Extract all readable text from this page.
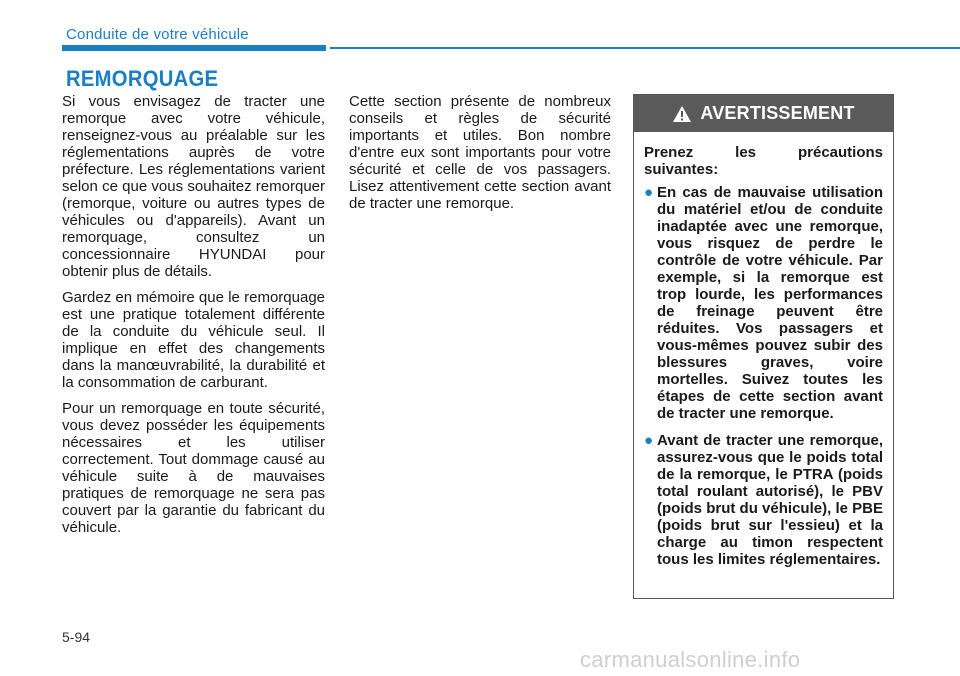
Conduite de votre véhicule
REMORQUAGE

Si vous envisagez de tracter une remorque avec votre véhicule, renseignez-vous au préalable sur les réglementations auprès de votre préfecture. Les réglementations varient selon ce que vous souhaitez remorquer (remorque, voiture ou autres types de véhicules ou d'appareils). Avant un remorquage, consultez un concessionnaire HYUNDAI pour obtenir plus de détails.

Gardez en mémoire que le remorquage est une pratique totalement différente de la conduite du véhicule seul. Il implique en effet des changements dans la manœuvrabilité, la durabilité et la consommation de carburant.

Pour un remorquage en toute sécurité, vous devez posséder les équipements nécessaires et les utiliser correctement. Tout dommage causé au véhicule suite à de mauvaises pratiques de remorquage ne sera pas couvert par la garantie du fabricant du véhicule.

Cette section présente de nombreux conseils et règles de sécurité importants et utiles. Bon nombre d'entre eux sont importants pour votre sécurité et celle de vos passagers. Lisez attentivement cette section avant de tracter une remorque.

AVERTISSEMENT

Prenez les précautions suivantes:

● En cas de mauvaise utilisation du matériel et/ou de conduite inadaptée avec une remorque, vous risquez de perdre le contrôle de votre véhicule. Par exemple, si la remorque est trop lourde, les performances de freinage peuvent être réduites. Vos passagers et vous-mêmes pouvez subir des blessures graves, voire mortelles. Suivez toutes les étapes de cette section avant de tracter une remorque.
● Avant de tracter une remorque, assurez-vous que le poids total de la remorque, le PTRA (poids total roulant autorisé), le PBV (poids brut du véhicule), le PBE (poids brut sur l'essieu) et la charge au timon respectent tous les limites réglementaires.
5-94
carmanualsonline.info
